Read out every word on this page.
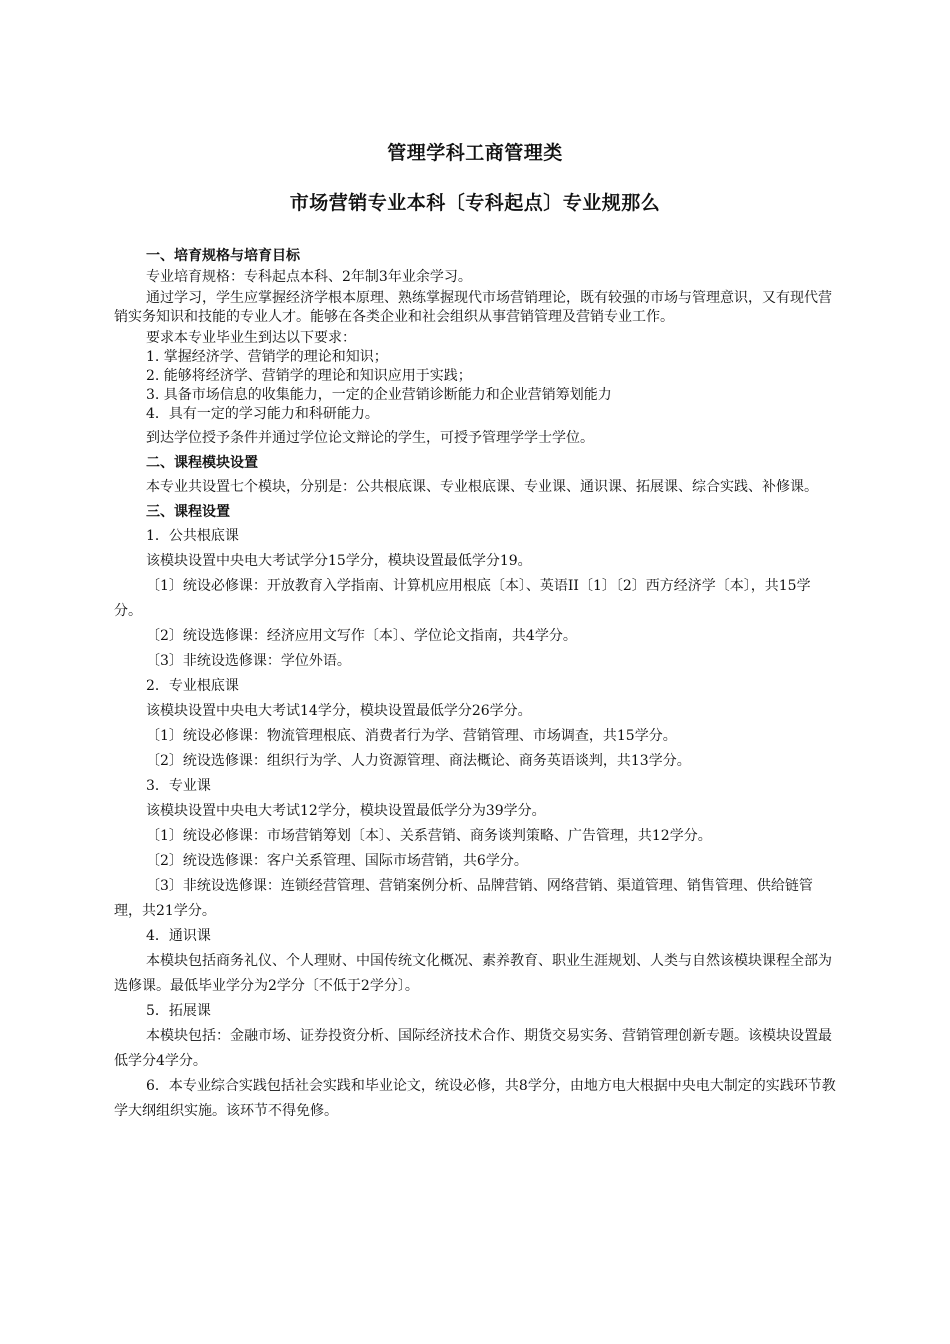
管理学科工商管理类
市场营销专业本科〔专科起点〕专业规那么

一、培育规格与培育目标

专业培育规格：专科起点本科、2年制3年业余学习。

通过学习，学生应掌握经济学根本原理、熟练掌握现代市场营销理论，既有较强的市场与管理意识，又有现代营销实务知识和技能的专业人才。能够在各类企业和社会组织从事营销管理及营销专业工作。

要求本专业毕业生到达以下要求：

1. 掌握经济学、营销学的理论和知识；

2. 能够将经济学、营销学的理论和知识应用于实践；

3. 具备市场信息的收集能力，一定的企业营销诊断能力和企业营销筹划能力

4．具有一定的学习能力和科研能力。

到达学位授予条件并通过学位论文辩论的学生，可授予管理学学士学位。

二、课程模块设置

本专业共设置七个模块，分别是：公共根底课、专业根底课、专业课、通识课、拓展课、综合实践、补修课。

三、课程设置

1．公共根底课

该模块设置中央电大考试学分15学分，模块设置最低学分19。

〔1〕统设必修课：开放教育入学指南、计算机应用根底〔本〕、英语II〔1〕〔2〕西方经济学〔本〕，共15学分。

〔2〕统设选修课：经济应用文写作〔本〕、学位论文指南，共4学分。

〔3〕非统设选修课：学位外语。

2．专业根底课

该模块设置中央电大考试14学分，模块设置最低学分26学分。

〔1〕统设必修课：物流管理根底、消费者行为学、营销管理、市场调查，共15学分。

〔2〕统设选修课：组织行为学、人力资源管理、商法概论、商务英语谈判，共13学分。

3．专业课

该模块设置中央电大考试12学分，模块设置最低学分为39学分。

〔1〕统设必修课：市场营销筹划〔本〕、关系营销、商务谈判策略、广告管理，共12学分。

〔2〕统设选修课：客户关系管理、国际市场营销，共6学分。

〔3〕非统设选修课：连锁经营管理、营销案例分析、品牌营销、网络营销、渠道管理、销售管理、供给链管理，共21学分。

4．通识课

本模块包括商务礼仪、个人理财、中国传统文化概况、素养教育、职业生涯规划、人类与自然该模块课程全部为选修课。最低毕业学分为2学分〔不低于2学分〕。

5．拓展课

本模块包括：金融市场、证券投资分析、国际经济技术合作、期货交易实务、营销管理创新专题。该模块设置最低学分4学分。

6．本专业综合实践包括社会实践和毕业论文，统设必修，共8学分，由地方电大根据中央电大制定的实践环节教学大纲组织实施。该环节不得免修。
